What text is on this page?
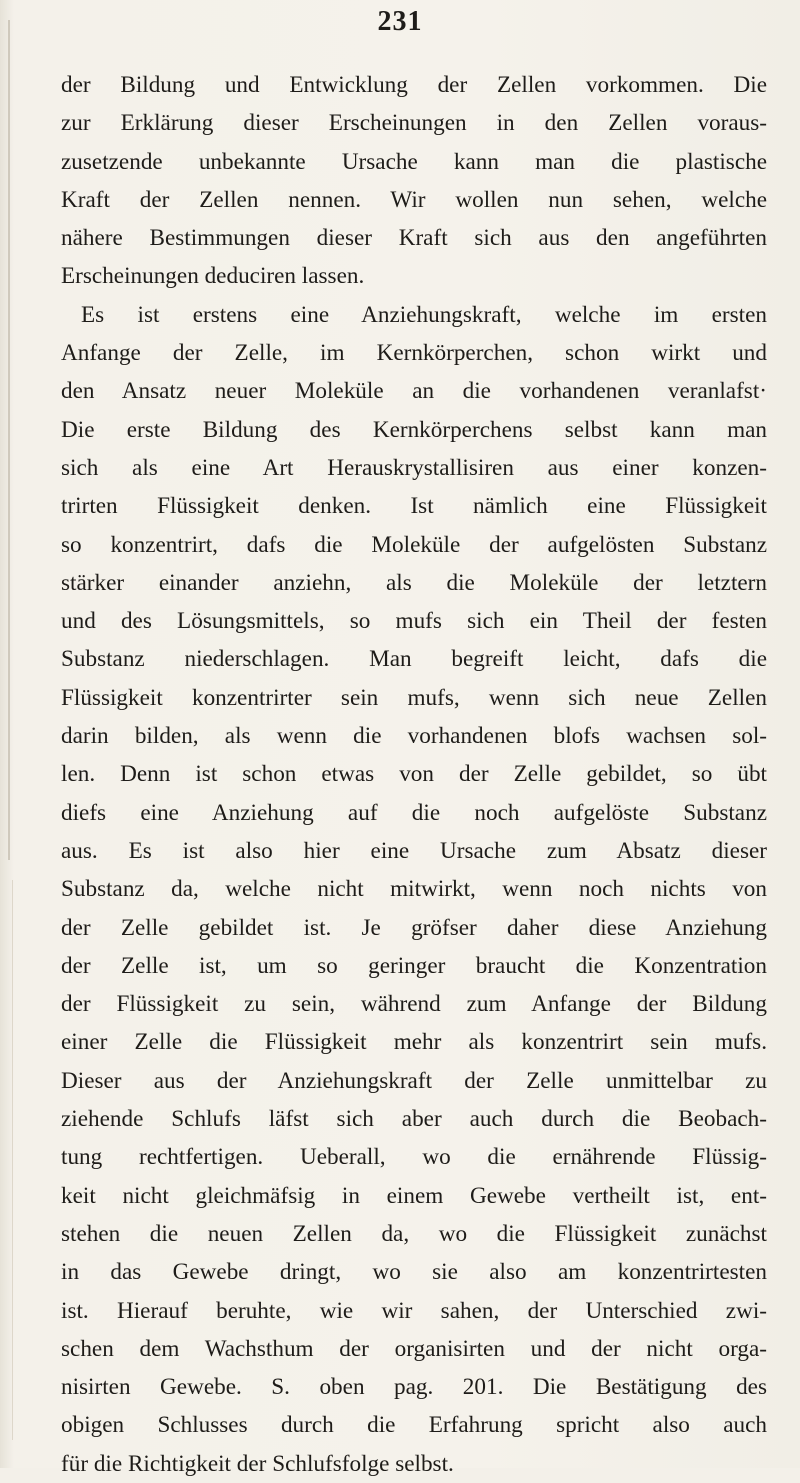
231
der Bildung und Entwicklung der Zellen vorkommen. Die
zur Erklärung dieser Erscheinungen in den Zellen voraus-
zusetzende unbekannte Ursache kann man die plastische
Kraft der Zellen nennen. Wir wollen nun sehen, welche
nähere Bestimmungen dieser Kraft sich aus den angeführten
Erscheinungen deduciren lassen.
Es ist erstens eine Anziehungskraft, welche im ersten
Anfange der Zelle, im Kernkörperchen, schon wirkt und
den Ansatz neuer Moleküle an die vorhandenen veranlafst·
Die erste Bildung des Kernkörperchens selbst kann man
sich als eine Art Herauskrystallisiren aus einer konzen-
trirten Flüssigkeit denken. Ist nämlich eine Flüssigkeit
so konzentrirt, dafs die Moleküle der aufgelösten Substanz
stärker einander anziehn, als die Moleküle der letztern
und des Lösungsmittels, so mufs sich ein Theil der festen
Substanz niederschlagen. Man begreift leicht, dafs die
Flüssigkeit konzentrirter sein mufs, wenn sich neue Zellen
darin bilden, als wenn die vorhandenen blofs wachsen sol-
len. Denn ist schon etwas von der Zelle gebildet, so übt
diefs eine Anziehung auf die noch aufgelöste Substanz
aus. Es ist also hier eine Ursache zum Absatz dieser
Substanz da, welche nicht mitwirkt, wenn noch nichts von
der Zelle gebildet ist. Je gröfser daher diese Anziehung
der Zelle ist, um so geringer braucht die Konzentration
der Flüssigkeit zu sein, während zum Anfange der Bildung
einer Zelle die Flüssigkeit mehr als konzentrirt sein mufs.
Dieser aus der Anziehungskraft der Zelle unmittelbar zu
ziehende Schlufs läfst sich aber auch durch die Beobach-
tung rechtfertigen. Ueberall, wo die ernährende Flüssig-
keit nicht gleichmäfsig in einem Gewebe vertheilt ist, ent-
stehen die neuen Zellen da, wo die Flüssigkeit zunächst
in das Gewebe dringt, wo sie also am konzentrirtesten
ist. Hierauf beruhte, wie wir sahen, der Unterschied zwi-
schen dem Wachsthum der organisirten und der nicht orga-
nisirten Gewebe. S. oben pag. 201. Die Bestätigung des
obigen Schlusses durch die Erfahrung spricht also auch
für die Richtigkeit der Schlufsfolge selbst.
